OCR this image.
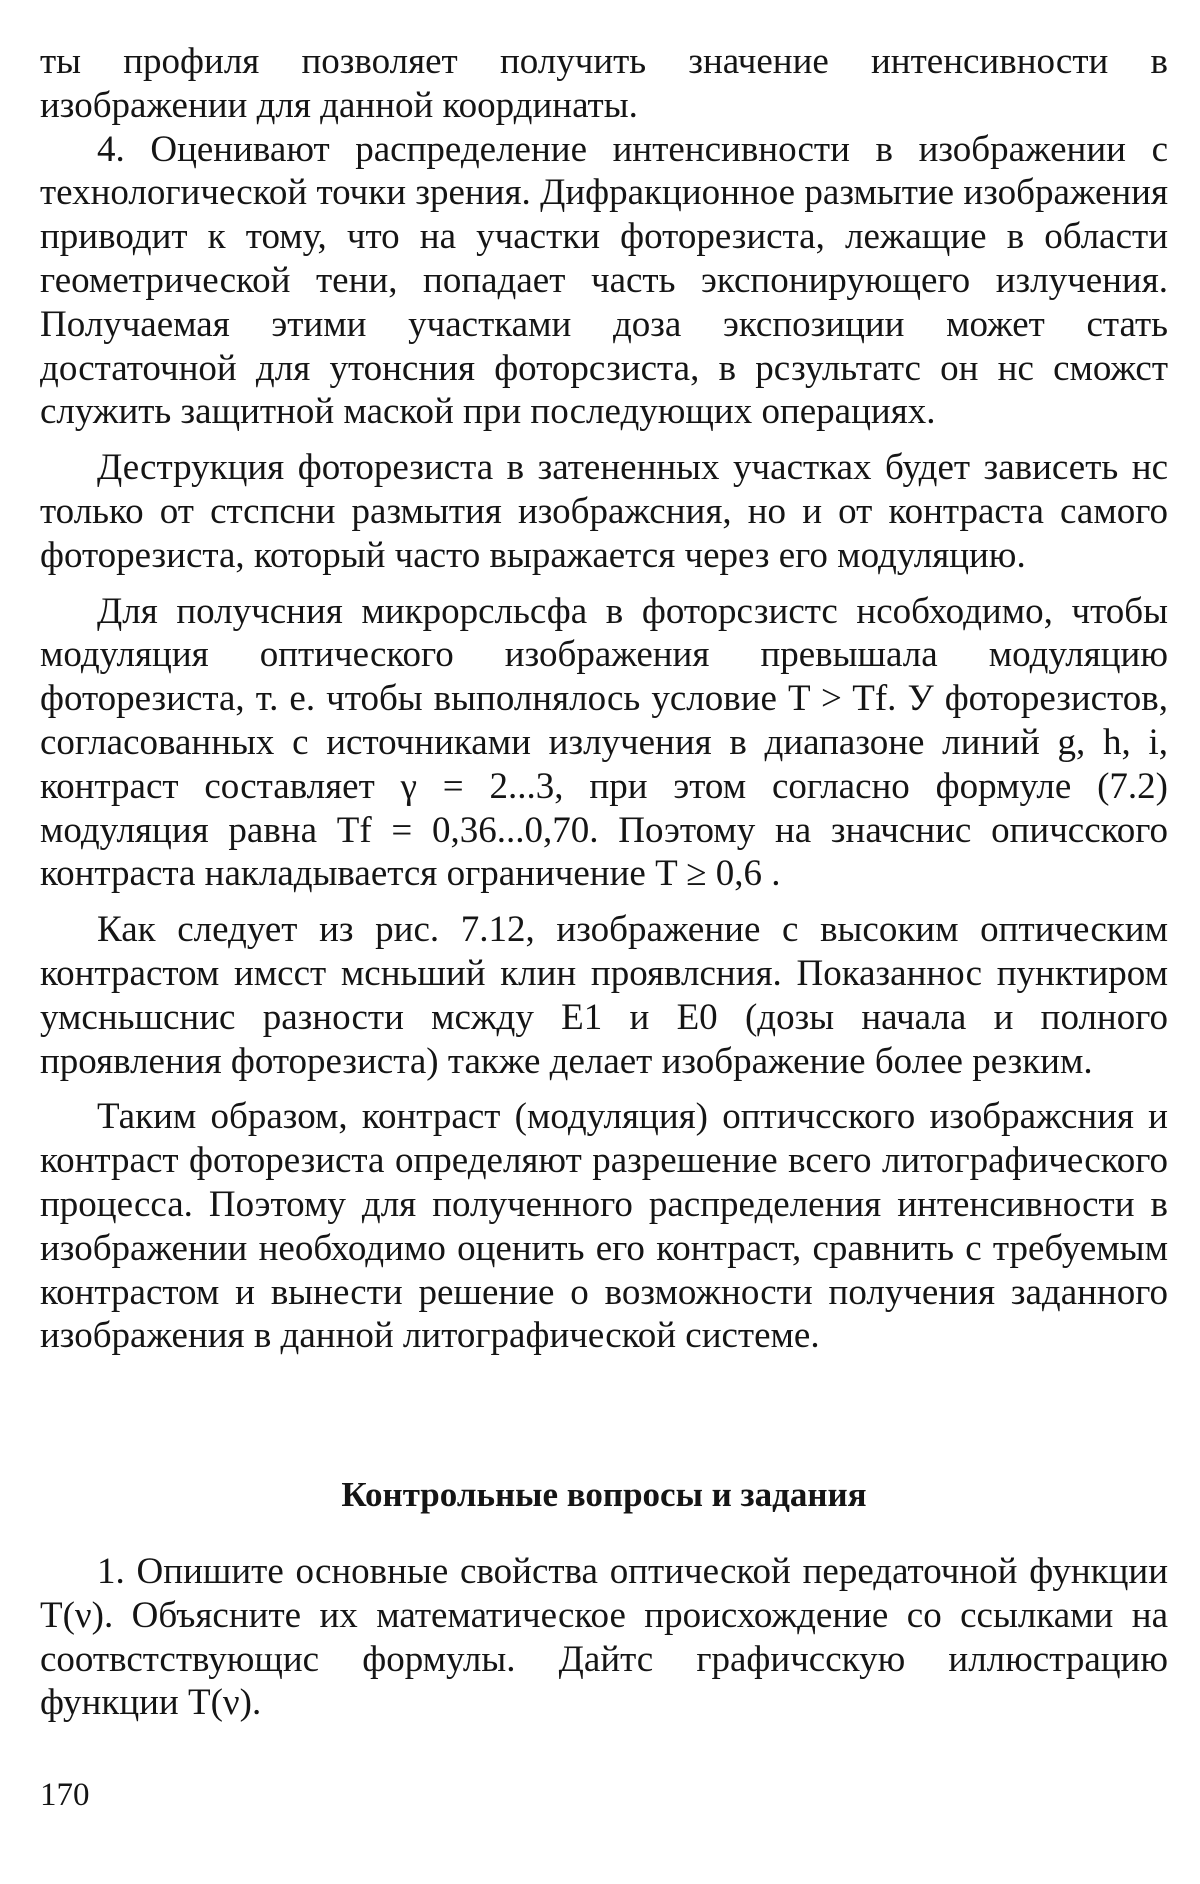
ты профиля позволяет получить значение интенсивности в изображении для данной координаты.

4. Оценивают распределение интенсивности в изображении с технологической точки зрения. Дифракционное размытие изображения приводит к тому, что на участки фоторезиста, лежащие в области геометрической тени, попадает часть экспонирующего излучения. Получаемая этими участками доза экспозиции может стать достаточной для утонсния фоторсзиста, в рсзультатс он нс сможст служить защитной маской при последующих операциях.

Деструкция фоторезиста в затененных участках будет зависеть нс только от стспсни размытия изображсния, но и от контраста самого фоторезиста, который часто выражается через его модуляцию.

Для получсния микрорсльсфа в фоторсзистс нсобходимо, чтобы модуляция оптического изображения превышала модуляцию фоторезиста, т. е. чтобы выполнялось условие T > Tf. У фоторезистов, согласованных с источниками излучения в диапазоне линий g, h, i, контраст составляет γ = 2...3, при этом согласно формуле (7.2) модуляция равна Tf = 0,36...0,70. Поэтому на значснис опичсского контраста накладывается ограничение T ≥ 0,6 .

Как следует из рис. 7.12, изображение с высоким оптическим контрастом имсст мсньший клин проявлсния. Показаннос пунктиром умсньшснис разности мсжду E1 и E0 (дозы начала и полного проявления фоторезиста) также делает изображение более резким.

Таким образом, контраст (модуляция) оптичсского изображсния и контраст фоторезиста определяют разрешение всего литографического процесса. Поэтому для полученного распределения интенсивности в изображении необходимо оценить его контраст, сравнить с требуемым контрастом и вынести решение о возможности получения заданного изображения в данной литографической системе.

Контрольные вопросы и задания

1. Опишите основные свойства оптической передаточной функции T(ν). Объясните их математическое происхождение со ссылками на соотвстствующис формулы. Дайтс графичсскую иллюстрацию функции T(ν).

170
